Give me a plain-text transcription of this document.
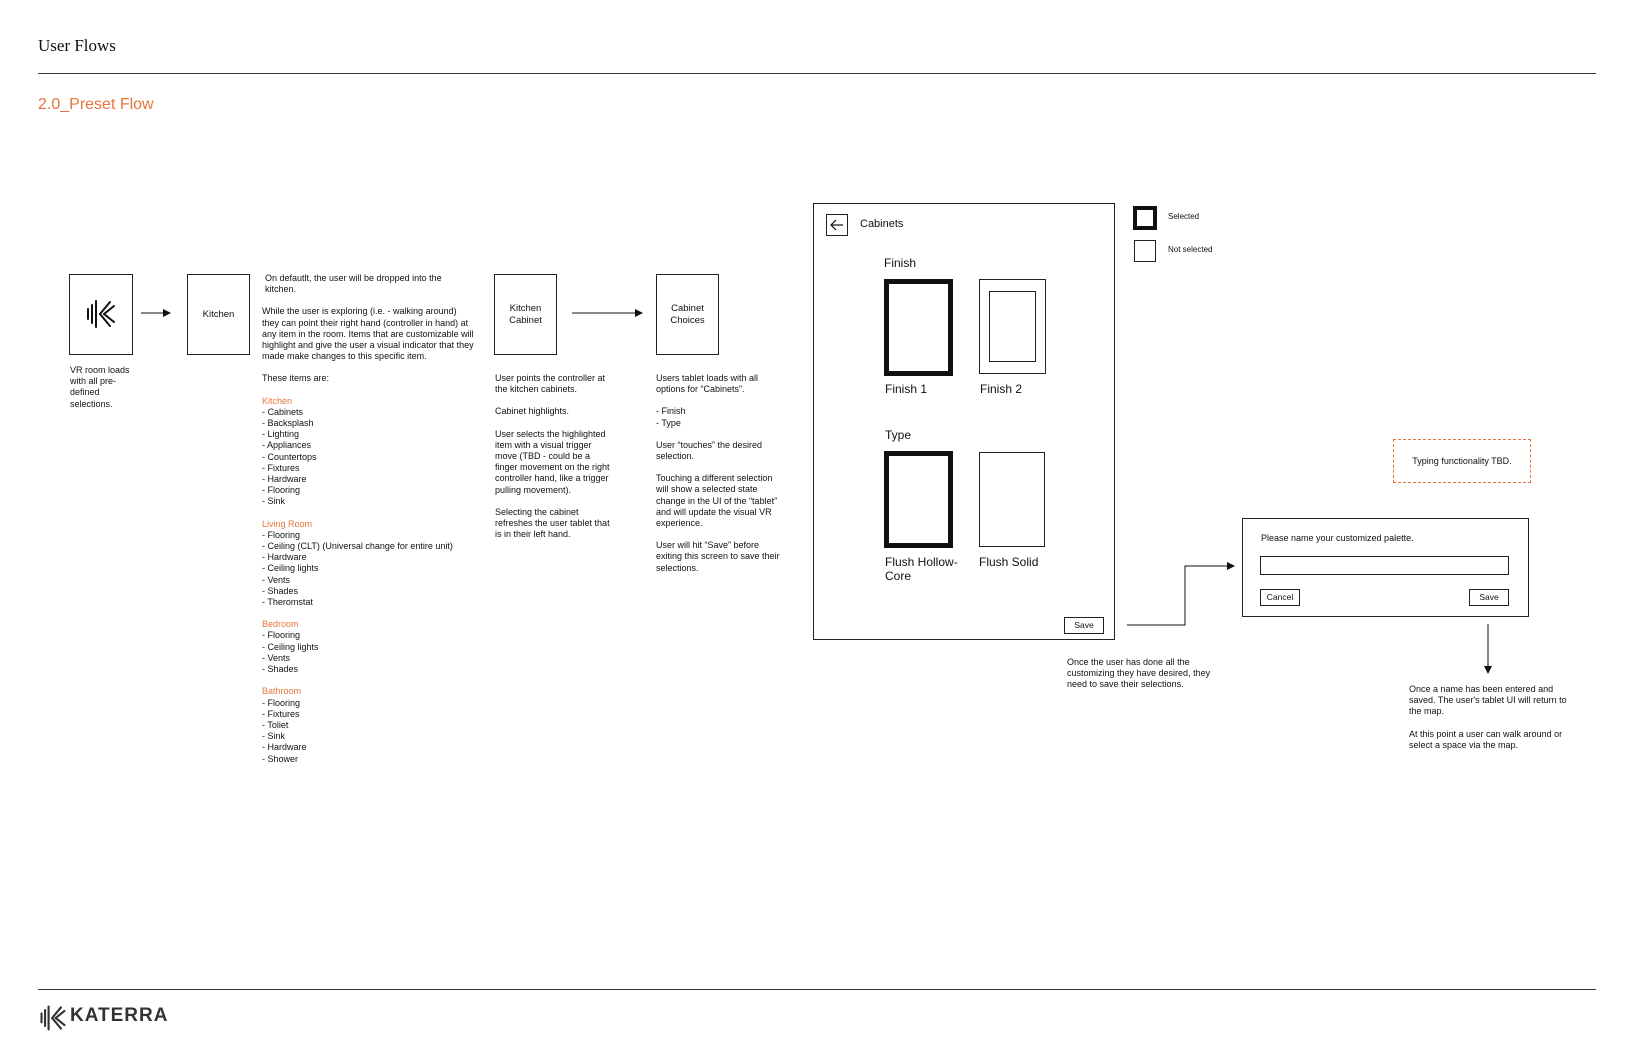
User Flows
2.0_Preset Flow
VR room loads with all pre-defined selections.
Kitchen

On defautlt, the user will be dropped into the kitchen.

While the user is exploring (i.e. - walking around) they can point their right hand (controller in hand) at any item in the room. Items that are customizable will highlight and give the user a visual indicator that they made make changes to this specific item.

These items are:

Kitchen
- Cabinets
- Backsplash
- Lighting
- Appliances
- Countertops
- Fixtures
- Hardware
- Flooring
- Sink
Living Room
- Flooring
- Ceiling (CLT) (Universal change for entire unit)
- Hardware
- Ceiling lights
- Vents
- Shades
- Theromstat
Bedroom
- Flooring
- Ceiling lights
- Vents
- Shades
Bathroom
- Flooring
- Fixtures
- Toliet
- Sink
- Hardware
- Shower
Kitchen
Cabinet

User points the controller at the kitchen cabinets.

Cabinet highlights.

User selects the highlighted item with a visual trigger move (TBD - could be a finger movement on the right controller hand, like a trigger pulling movement).

Selecting the cabinet refreshes the user tablet that is in their left hand.

Cabinet
Choices

Users tablet loads with all options for “Cabinets”.

- Finish

- Type

User “touches” the desired selection.

Touching a different selection will show a selected state change in the UI of the “tablet” and will update the visual VR experience.

User will hit “Save” before exiting this screen to save their selections.

Cabinets
Finish
Finish 1	Finish 2
Type
Flush Hollow-Core
Flush Solid
Save
Once the user has done all the customizing they have desired, they need to save their selections.
Selected
Not selected
Typing functionality TBD.
Please name your customized palette.
Cancel	Save

Once a name has been entered and saved. The user's tablet UI will return to the map.

At this point a user can walk around or select a space via the map.

KATERRA
